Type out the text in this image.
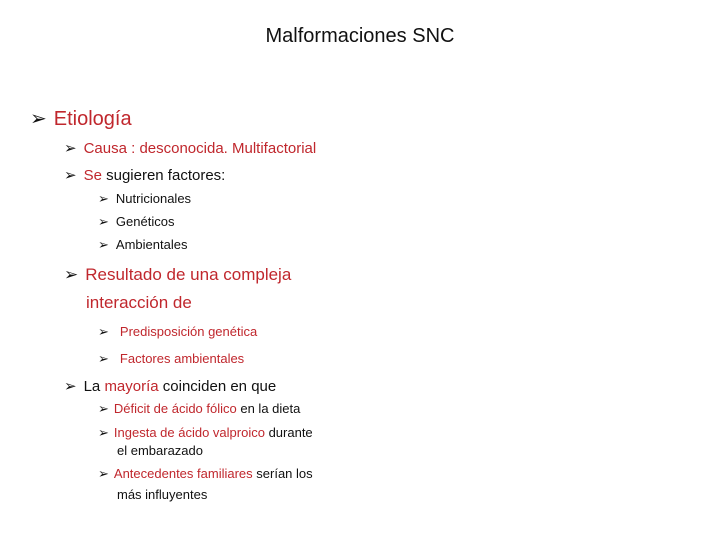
Malformaciones SNC
➢ Etiología
➢ Causa : desconocida. Multifactorial
➢ Se sugieren factores:
➢ Nutricionales
➢ Genéticos
➢ Ambientales
➢ Resultado de una compleja
interacción de
➢ Predisposición genética
➢ Factores ambientales
➢ La mayoría coinciden en que
➢ Déficit de ácido fólico en la dieta
➢ Ingesta de ácido valproico durante
el embarazado
➢ Antecedentes familiares serían los
más influyentes
